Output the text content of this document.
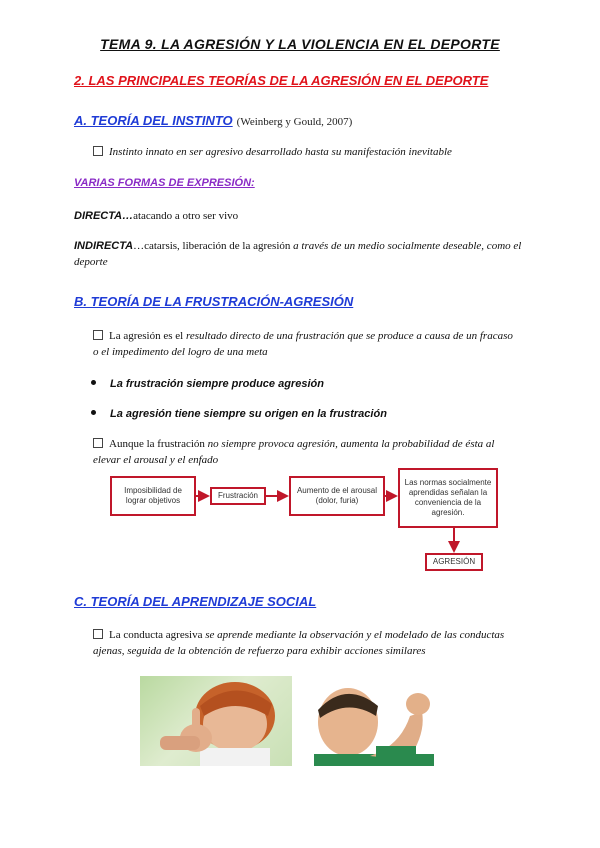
TEMA 9. LA AGRESIÓN Y LA VIOLENCIA EN EL DEPORTE
2. LAS PRINCIPALES TEORÍAS DE LA AGRESIÓN EN EL DEPORTE
A. TEORÍA DEL INSTINTO (Weinberg y Gould, 2007)
Instinto innato en ser agresivo desarrollado hasta su manifestación inevitable
VARIAS FORMAS DE EXPRESIÓN:
DIRECTA…atacando a otro ser vivo
INDIRECTA…catarsis, liberación de la agresión a través de un medio socialmente deseable, como el
deporte
B. TEORÍA DE LA FRUSTRACIÓN-AGRESIÓN
La agresión es el resultado directo de una frustración que se produce a causa de un fracaso
o el impedimento del logro de una meta
La frustración siempre produce agresión
La agresión tiene siempre su origen en la frustración
Aunque la frustración no siempre provoca agresión, aumenta la probabilidad de ésta al
elevar el arousal y el enfado
Imposibilidad de lograr objetivos
Frustración
Aumento de el arousal (dolor, furia)
Las normas socialmente aprendidas señalan la conveniencia de la agresión.
AGRESIÓN
C. TEORÍA DEL APRENDIZAJE SOCIAL
La conducta agresiva se aprende mediante la observación y el modelado de las conductas
ajenas, seguida de la obtención de refuerzo para exhibir acciones similares
